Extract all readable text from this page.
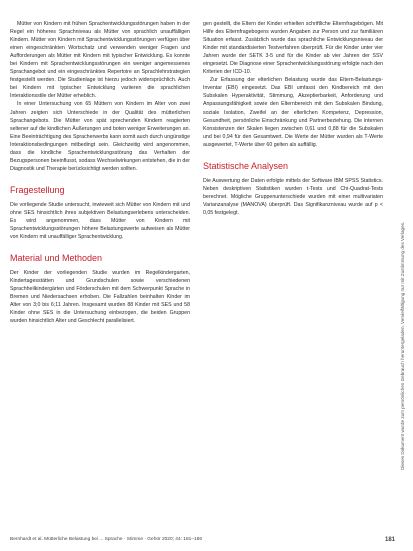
Mütter von Kindern mit frühen Sprachentwicklungsstörungen haben in der Regel ein höheres Sprachniveau als Mütter von sprachlich unauffälligen Kindern. Mütter von Kindern mit Sprachentwicklungsstörungen verfügen über einen eingeschränkten Wortschatz und verwenden weniger Fragen und Aufforderungen als Mütter mit Kindern mit typischer Entwicklung. Es konnte bei Kindern mit Sprachentwicklungsstörungen ein weniger angemessenes Sprachangebot und ein eingeschränktes Repertoire an Sprachlehrstrategien festgestellt werden. Die Studienlage ist hierzu jedoch widersprüchlich. Auch bei Kindern mit typischer Entwicklung variieren die sprachlichen Interaktionsstile der Mütter erheblich.

In einer Untersuchung von 65 Müttern von Kindern im Alter von zwei Jahren zeigten sich Unterschiede in der Qualität des mütterlichen Sprachangebots. Die Mütter von spät sprechenden Kindern reagierten seltener auf die kindlichen Äußerungen und boten weniger Erweiterungen an. Eine Beeinträchtigung des Spracherwerbs kann somit auch durch ungünstige Interaktionsbedingungen mitbedingt sein. Gleichzeitig wird angenommen, dass die kindliche Sprachentwicklungsstörung das Verhalten der Bezugspersonen beeinflusst, sodass Wechselwirkungen entstehen, die in der Diagnostik und Therapie berücksichtigt werden sollten.

Fragestellung

Die vorliegende Studie untersucht, inwieweit sich Mütter von Kindern mit und ohne SES hinsichtlich ihres subjektiven Belastungserlebens unterscheiden. Es wird angenommen, dass Mütter von Kindern mit Sprachentwicklungsstörungen höhere Belastungswerte aufweisen als Mütter von Kindern mit unauffälliger Sprachentwicklung.

Material und Methoden

Der Kinder der vorliegenden Studie wurden im Regelkindergarten, Kindertagesstätten und Grundschulen sowie verschiedenen Sprachheilkindergärten und Förderschulen mit dem Schwerpunkt Sprache in Bremen und Niedersachsen erhoben. Die Fallzahlen beinhalten Kinder im Alter von 3;0 bis 6;11 Jahren. Insgesamt wurden 88 Kinder mit SES und 58 Kinder ohne SES in die Untersuchung einbezogen, die beiden Gruppen wurden hinsichtlich Alter und Geschlecht parallelisiert.

gen gestellt, die Eltern der Kinder erhielten schriftliche Elternfragebögen. Mit Hilfe des Elternfragebogens wurden Angaben zur Person und zur familiären Situation erfasst. Zusätzlich wurde das sprachliche Entwicklungsniveau der Kinder mit standardisierten Testverfahren überprüft. Für die Kinder unter vier Jahren wurde der SETK 3-5 und für die Kinder ab vier Jahren der SSV eingesetzt. Die Diagnose einer Sprachentwicklungsstörung erfolgte nach den Kriterien der ICD-10.

Zur Erfassung der elterlichen Belastung wurde das Eltern-Belastungs-Inventar (EBI) eingesetzt. Das EBI umfasst den Kindbereich mit den Subskalen Hyperaktivität, Stimmung, Akzeptierbarkeit, Anforderung und Anpassungsfähigkeit sowie den Elternbereich mit den Subskalen Bindung, soziale Isolation, Zweifel an der elterlichen Kompetenz, Depression, Gesundheit, persönliche Einschränkung und Partnerbeziehung. Die internen Konsistenzen der Skalen liegen zwischen 0,61 und 0,88 für die Subskalen und bei 0,94 für den Gesamtwert. Die Werte der Mütter wurden als T-Werte ausgewertet, T-Werte über 60 gelten als auffällig.

Statistische Analysen

Die Auswertung der Daten erfolgte mittels der Software IBM SPSS Statistics. Neben deskriptiven Statistiken wurden t-Tests und Chi-Quadrat-Tests berechnet. Mögliche Gruppenunterschiede wurden mit einer multivariaten Varianzanalyse (MANOVA) überprüft. Das Signifikanzniveau wurde auf p < 0,05 festgelegt.

Dieses Dokument wurde zum persönlichen Gebrauch heruntergeladen. Vervielfältigung nur mit Zustimmung des Verlages.
Bernhardt et al. Mütterliche Belastung bei ... Sprache · Stimme · Gehör 2020; 44: 181–186	181
